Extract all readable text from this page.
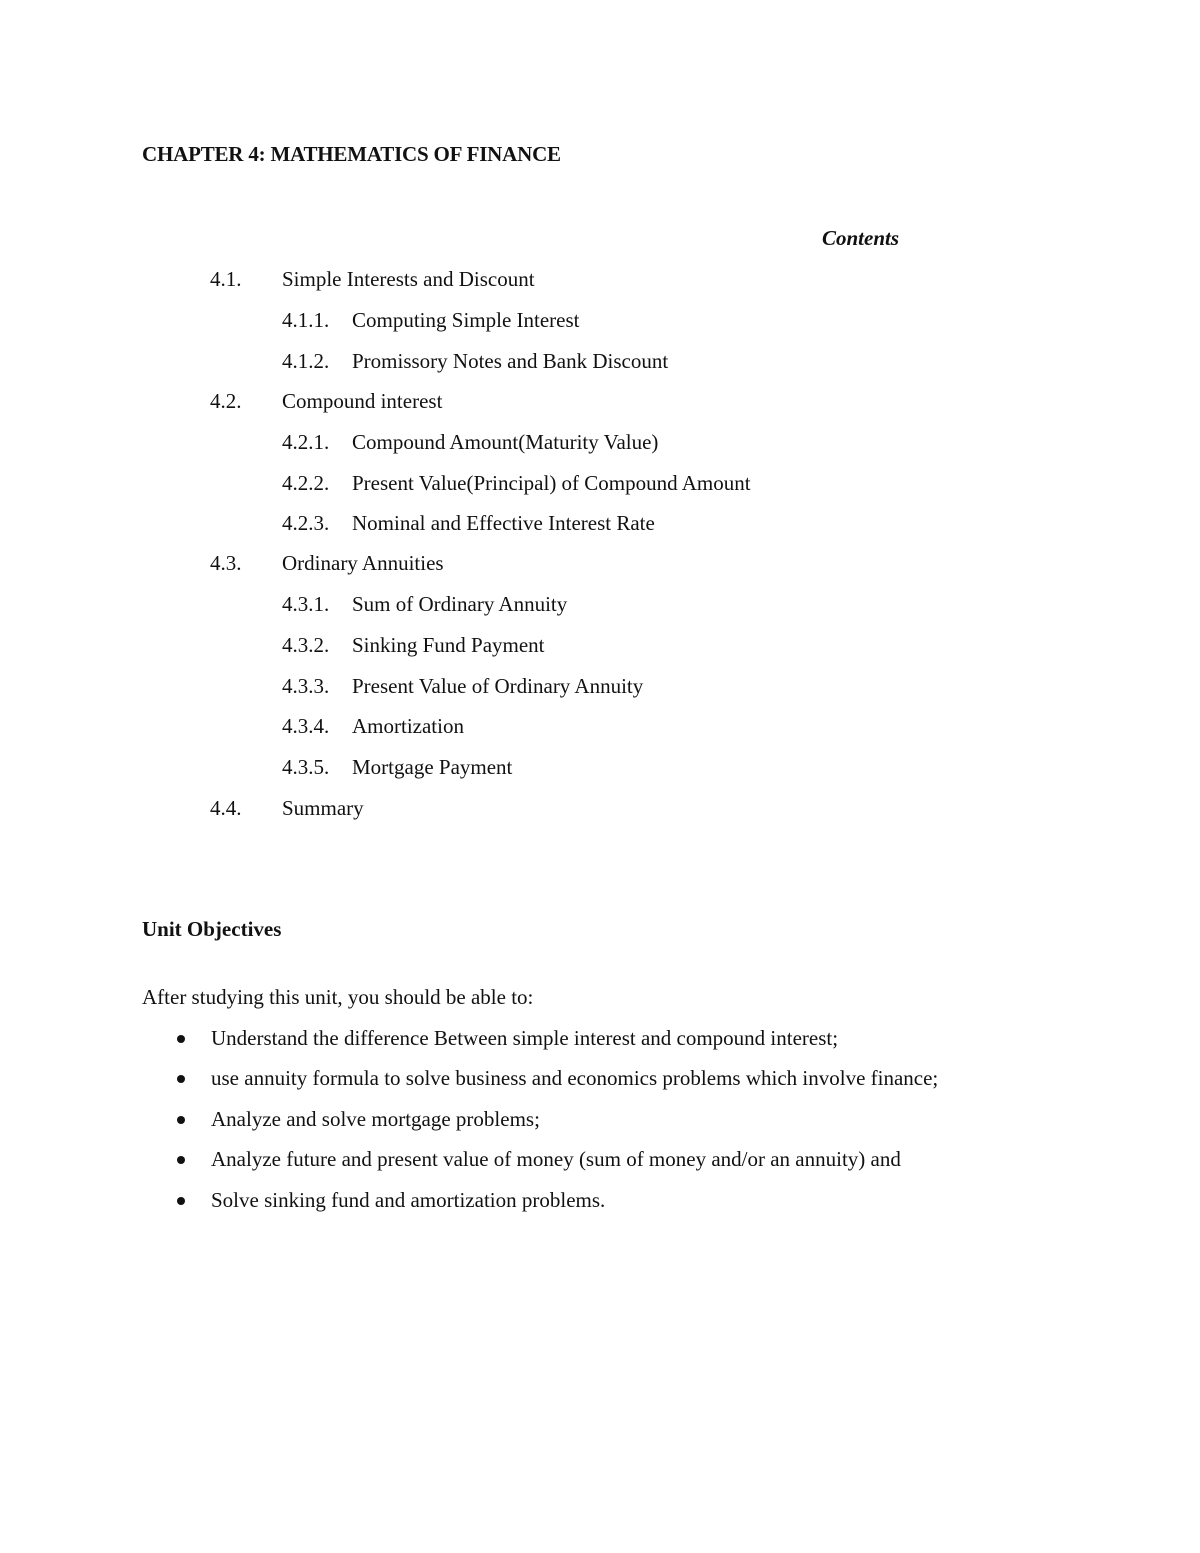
CHAPTER 4: MATHEMATICS OF FINANCE
Contents
4.1. Simple Interests and Discount
4.1.1. Computing Simple Interest
4.1.2. Promissory Notes and Bank Discount
4.2. Compound interest
4.2.1. Compound Amount(Maturity Value)
4.2.2. Present Value(Principal) of Compound Amount
4.2.3. Nominal and Effective Interest Rate
4.3. Ordinary Annuities
4.3.1. Sum of Ordinary Annuity
4.3.2. Sinking Fund Payment
4.3.3. Present Value of Ordinary Annuity
4.3.4. Amortization
4.3.5. Mortgage Payment
4.4. Summary
Unit Objectives
After studying this unit, you should be able to:
Understand the difference Between simple interest and compound interest;
use annuity formula to solve business and economics problems which involve finance;
Analyze and solve mortgage problems;
Analyze future and present value of money (sum of money and/or an annuity) and
Solve sinking fund and amortization problems.
